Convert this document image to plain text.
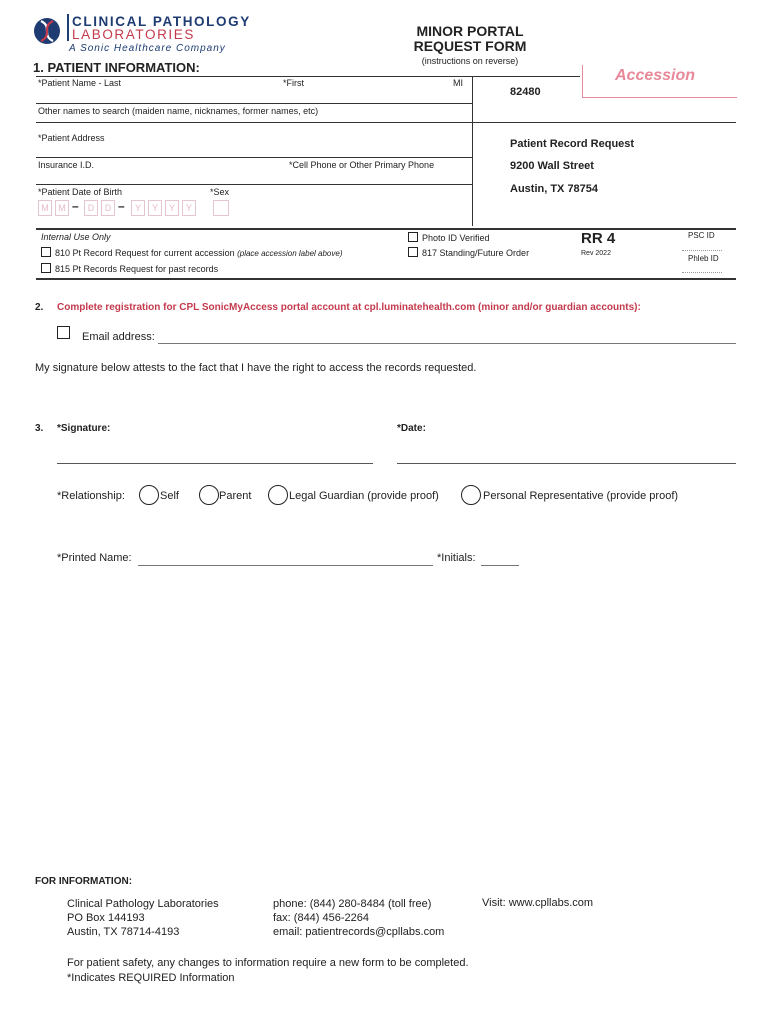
CLINICAL PATHOLOGY
LABORATORIES
A Sonic Healthcare Company
MINOR PORTAL
REQUEST FORM
(instructions on reverse)
Accession
1. PATIENT INFORMATION:
*Patient Name - Last	*First	MI
Other names to search (maiden name, nicknames, former names, etc)
*Patient Address
Insurance I.D.	*Cell Phone or Other Primary Phone
*Patient Date of Birth	*Sex
M	M –	D	D –	Y	Y	Y	Y
82480
Patient Record Request
9200 Wall Street
Austin, TX 78754
Internal Use Only
810 Pt Record Request for current accession (place accession label above)
815 Pt Records Request for past records
Photo ID Verified
817 Standing/Future Order
RR 4
Rev 2022
PSC ID
Phleb ID
2. Complete registration for CPL SonicMyAccess portal account at cpl.luminatehealth.com (minor and/or guardian accounts):
Email address:
My signature below attests to the fact that I have the right to access the records requested.
3. *Signature:	*Date:
*Relationship:	Self	Parent	Legal Guardian (provide proof)	Personal Representative (provide proof)
*Printed Name:	*Initials:
FOR INFORMATION:
Clinical Pathology Laboratories
PO Box 144193
Austin, TX 78714-4193
phone: (844) 280-8484 (toll free)
fax: (844) 456-2264
email: patientrecords@cpllabs.com
Visit: www.cpllabs.com
For patient safety, any changes to information require a new form to be completed.
*Indicates REQUIRED Information
